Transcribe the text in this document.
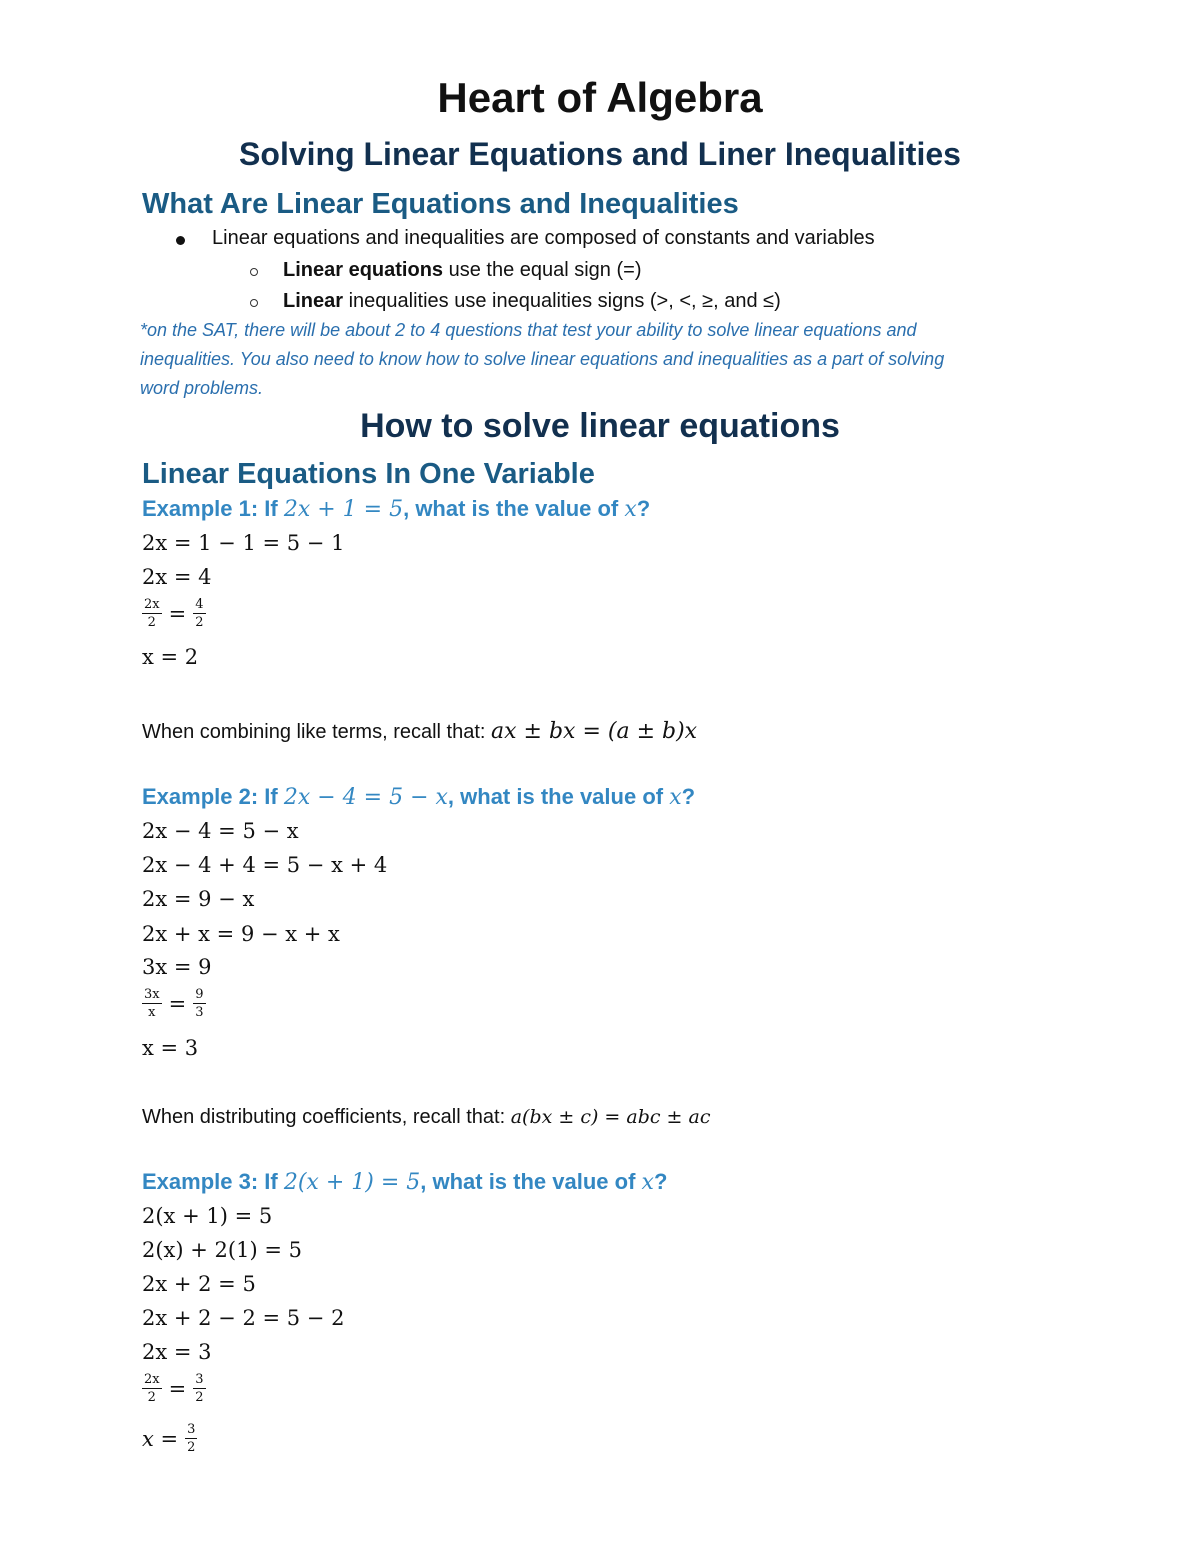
Heart of Algebra
Solving Linear Equations and Liner Inequalities
What Are Linear Equations and Inequalities
Linear equations and inequalities are composed of constants and variables
Linear equations use the equal sign (=)
Linear inequalities use inequalities signs (>, <, ≥, and ≤)
*on the SAT, there will be about 2 to 4 questions that test your ability to solve linear equations and
inequalities. You also need to know how to solve linear equations and inequalities as a part of solving
word problems.
How to solve linear equations
Linear Equations In One Variable
Example 1: If 2x + 1 = 5, what is the value of x?
2x = 1 − 1 = 5 − 1
2x = 4
$\frac{2x}{2} = \frac{4}{2}$
x = 2
When combining like terms, recall that: ax ± bx = (a ± b)x
Example 2: If 2x − 4 = 5 − x, what is the value of x?
2x − 4 = 5 − x
2x − 4 + 4 = 5 − x + 4
2x = 9 − x
2x + x = 9 − x + x
3x = 9
$\frac{3x}{x} = \frac{9}{3}$
x = 3
When distributing coefficients, recall that: a(bx ± c) = abc ± ac
Example 3: If 2(x + 1) = 5, what is the value of x?
2(x + 1) = 5
2(x) + 2(1) = 5
2x + 2 = 5
2x + 2 − 2 = 5 − 2
2x = 3
$\frac{2x}{2} = \frac{3}{2}$
$x = \frac{3}{2}$
